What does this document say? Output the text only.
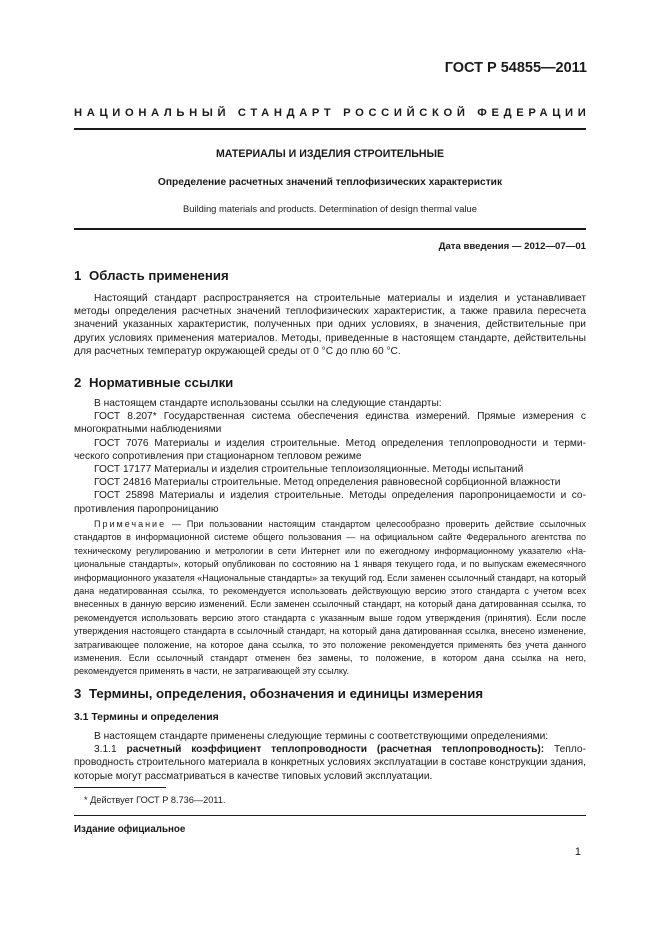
ГОСТ Р 54855—2011
НАЦИОНАЛЬНЫЙ СТАНДАРТ РОССИЙСКОЙ ФЕДЕРАЦИИ
МАТЕРИАЛЫ И ИЗДЕЛИЯ СТРОИТЕЛЬНЫЕ
Определение расчетных значений теплофизических характеристик
Building materials and products. Determination of design thermal value
Дата введения — 2012—07—01
1 Область применения

Настоящий стандарт распространяется на строительные материалы и изделия и устанавливает методы определения расчетных значений теплофизических характеристик, а также правила пересчета значений указанных характеристик, полученных при одних условиях, в значения, действительные при других условиях применения материалов. Методы, приведенные в настоящем стандарте, действительны для расчетных температур окружающей среды от 0 °С до плю 60 °С.

2 Нормативные ссылки

В настоящем стандарте использованы ссылки на следующие стандарты:

ГОСТ 8.207* Государственная система обеспечения единства измерений. Прямые измерения с многократными наблюдениями

ГОСТ 7076 Материалы и изделия строительные. Метод определения теплопроводности и термического сопротивления при стационарном тепловом режиме

ГОСТ 17177 Материалы и изделия строительные теплоизоляционные. Методы испытаний

ГОСТ 24816 Материалы строительные. Метод определения равновесной сорбционной влажности

ГОСТ 25898 Материалы и изделия строительные. Методы определения паропроницаемости и сопротивления паропроницанию

Примечание — При пользовании настоящим стандартом целесообразно проверить действие ссылочных стандартов в информационной системе общего пользования — на официальном сайте Федерального агентства по техническому регулированию и метрологии в сети Интернет или по ежегодному информационному указателю «Национальные стандарты», который опубликован по состоянию на 1 января текущего года, и по выпускам ежемесячного информационного указателя «Национальные стандарты» за текущий год. Если заменен ссылочный стандарт, на который дана недатированная ссылка, то рекомендуется использовать действующую версию этого стандарта с учетом всех внесенных в данную версию изменений. Если заменен ссылочный стандарт, на который дана датированная ссылка, то рекомендуется использовать версию этого стандарта с указанным выше годом утверждения (принятия). Если после утверждения настоящего стандарта в ссылочный стандарт, на который дана датированная ссылка, внесено изменение, затрагивающее положение, на которое дана ссылка, то это положение рекомендуется применять без учета данного изменения. Если ссылочный стандарт отменен без замены, то положение, в котором дана ссылка на него, рекомендуется применять в части, не затрагивающей эту ссылку.

3 Термины, определения, обозначения и единицы измерения
3.1 Термины и определения

В настоящем стандарте применены следующие термины с соответствующими определениями:

3.1.1 расчетный коэффициент теплопроводности (расчетная теплопроводность): Теплопроводность строительного материала в конкретных условиях эксплуатации в составе конструкции здания, которые могут рассматриваться в качестве типовых условий эксплуатации.

* Действует ГОСТ Р 8.736—2011.
Издание официальное
1
